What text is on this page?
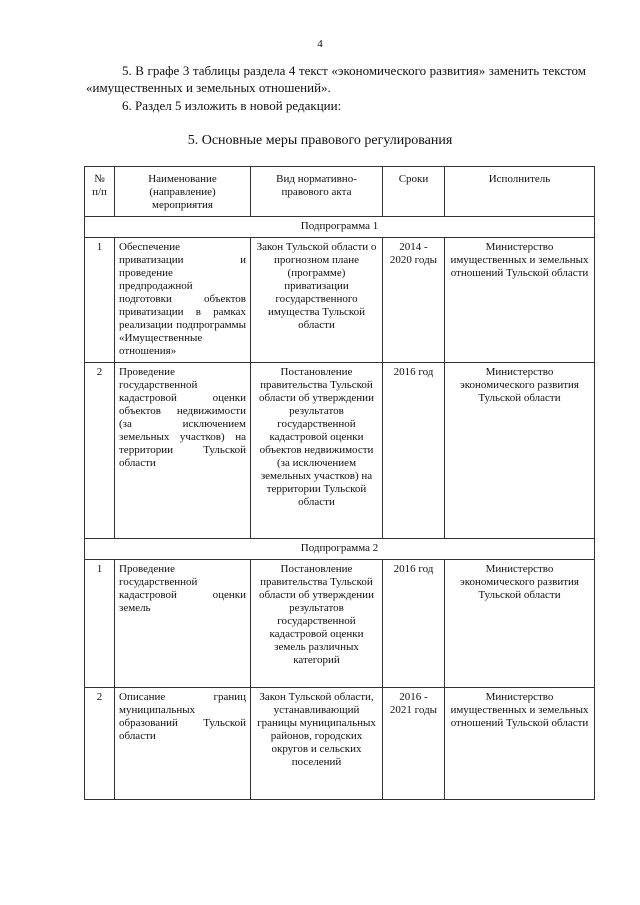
4
5. В графе 3 таблицы раздела 4 текст «экономического развития» заменить текстом «имущественных и земельных отношений».
6. Раздел 5 изложить в новой редакции:
5. Основные меры правового регулирования
№ п/п	Наименование (направление) мероприятия	Вид нормативно-правового акта	Сроки	Исполнитель
Подпрограмма 1				
1	Обеспечение приватизации и проведение предпродажной подготовки объектов приватизации в рамках реализации подпрограммы «Имущественные отношения»	Закон Тульской области о прогнозном плане (программе) приватизации государственного имущества Тульской области	2014 - 2020 годы	Министерство имущественных и земельных отношений Тульской области
2	Проведение государственной кадастровой оценки объектов недвижимости (за исключением земельных участков) на территории Тульской области	Постановление правительства Тульской области об утверждении результатов государственной кадастровой оценки объектов недвижимости (за исключением земельных участков) на территории Тульской области	2016 год	Министерство экономического развития Тульской области
Подпрограмма 2				
1	Проведение государственной кадастровой оценки земель	Постановление правительства Тульской области об утверждении результатов государственной кадастровой оценки земель различных категорий	2016 год	Министерство экономического развития Тульской области
2	Описание границ муниципальных образований Тульской области	Закон Тульской области, устанавливающий границы муниципальных районов, городских округов и сельских поселений	2016 - 2021 годы	Министерство имущественных и земельных отношений Тульской области
